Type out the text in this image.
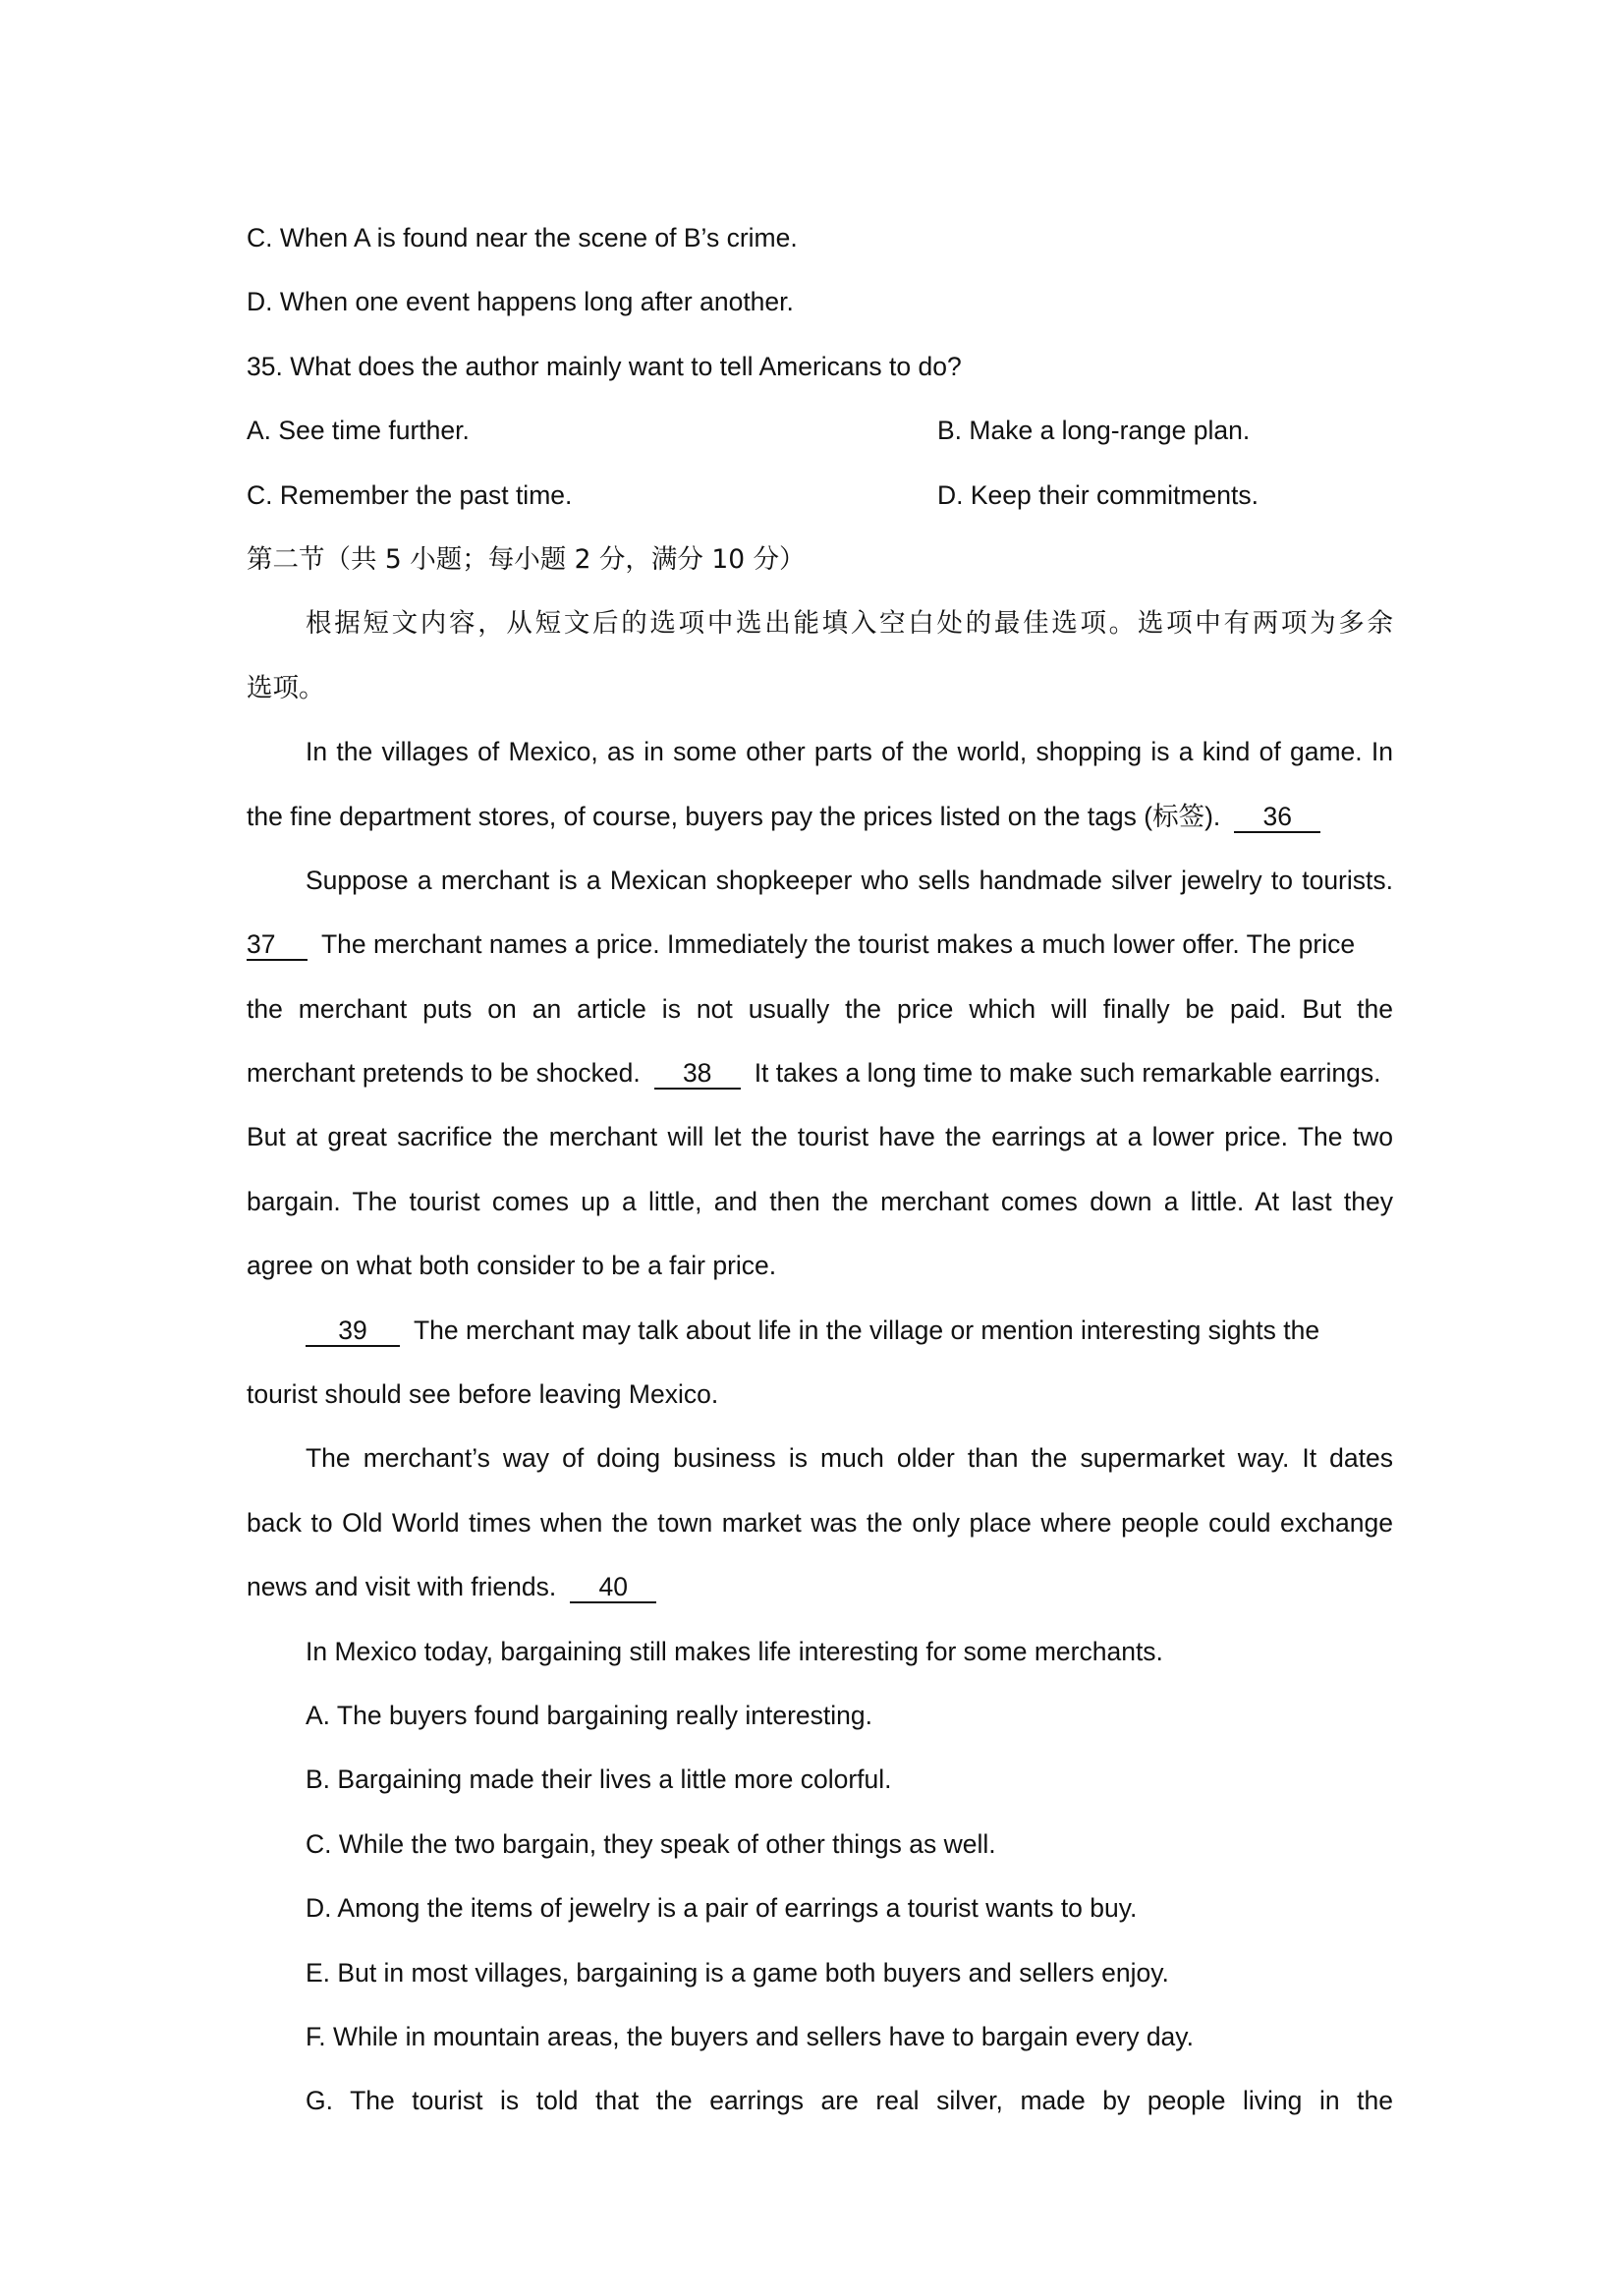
C. When A is found near the scene of B’s crime.
D. When one event happens long after another.
35. What does the author mainly want to tell Americans to do?
A. See time further.	B. Make a long-range plan.
C. Remember the past time.	D. Keep their commitments.
第二节（共 5 小题；每小题 2 分，满分 10 分）
根据短文内容，从短文后的选项中选出能填入空白处的最佳选项。选项中有两项为多余
选项。
In the villages of Mexico, as in some other parts of the world, shopping is a kind of game. In
the fine department stores, of course, buyers pay the prices listed on the tags (标签). 36
Suppose a merchant is a Mexican shopkeeper who sells handmade silver jewelry to tourists.
37 The merchant names a price. Immediately the tourist makes a much lower offer. The price
the merchant puts on an article is not usually the price which will finally be paid. But the
merchant pretends to be shocked. 38 It takes a long time to make such remarkable earrings.
But at great sacrifice the merchant will let the tourist have the earrings at a lower price. The two
bargain. The tourist comes up a little, and then the merchant comes down a little. At last they
agree on what both consider to be a fair price.
39 The merchant may talk about life in the village or mention interesting sights the
tourist should see before leaving Mexico.
The merchant’s way of doing business is much older than the supermarket way. It dates
back to Old World times when the town market was the only place where people could exchange
news and visit with friends. 40
In Mexico today, bargaining still makes life interesting for some merchants.
A. The buyers found bargaining really interesting.
B. Bargaining made their lives a little more colorful.
C. While the two bargain, they speak of other things as well.
D. Among the items of jewelry is a pair of earrings a tourist wants to buy.
E. But in most villages, bargaining is a game both buyers and sellers enjoy.
F. While in mountain areas, the buyers and sellers have to bargain every day.
G. The tourist is told that the earrings are real silver, made by people living in the
